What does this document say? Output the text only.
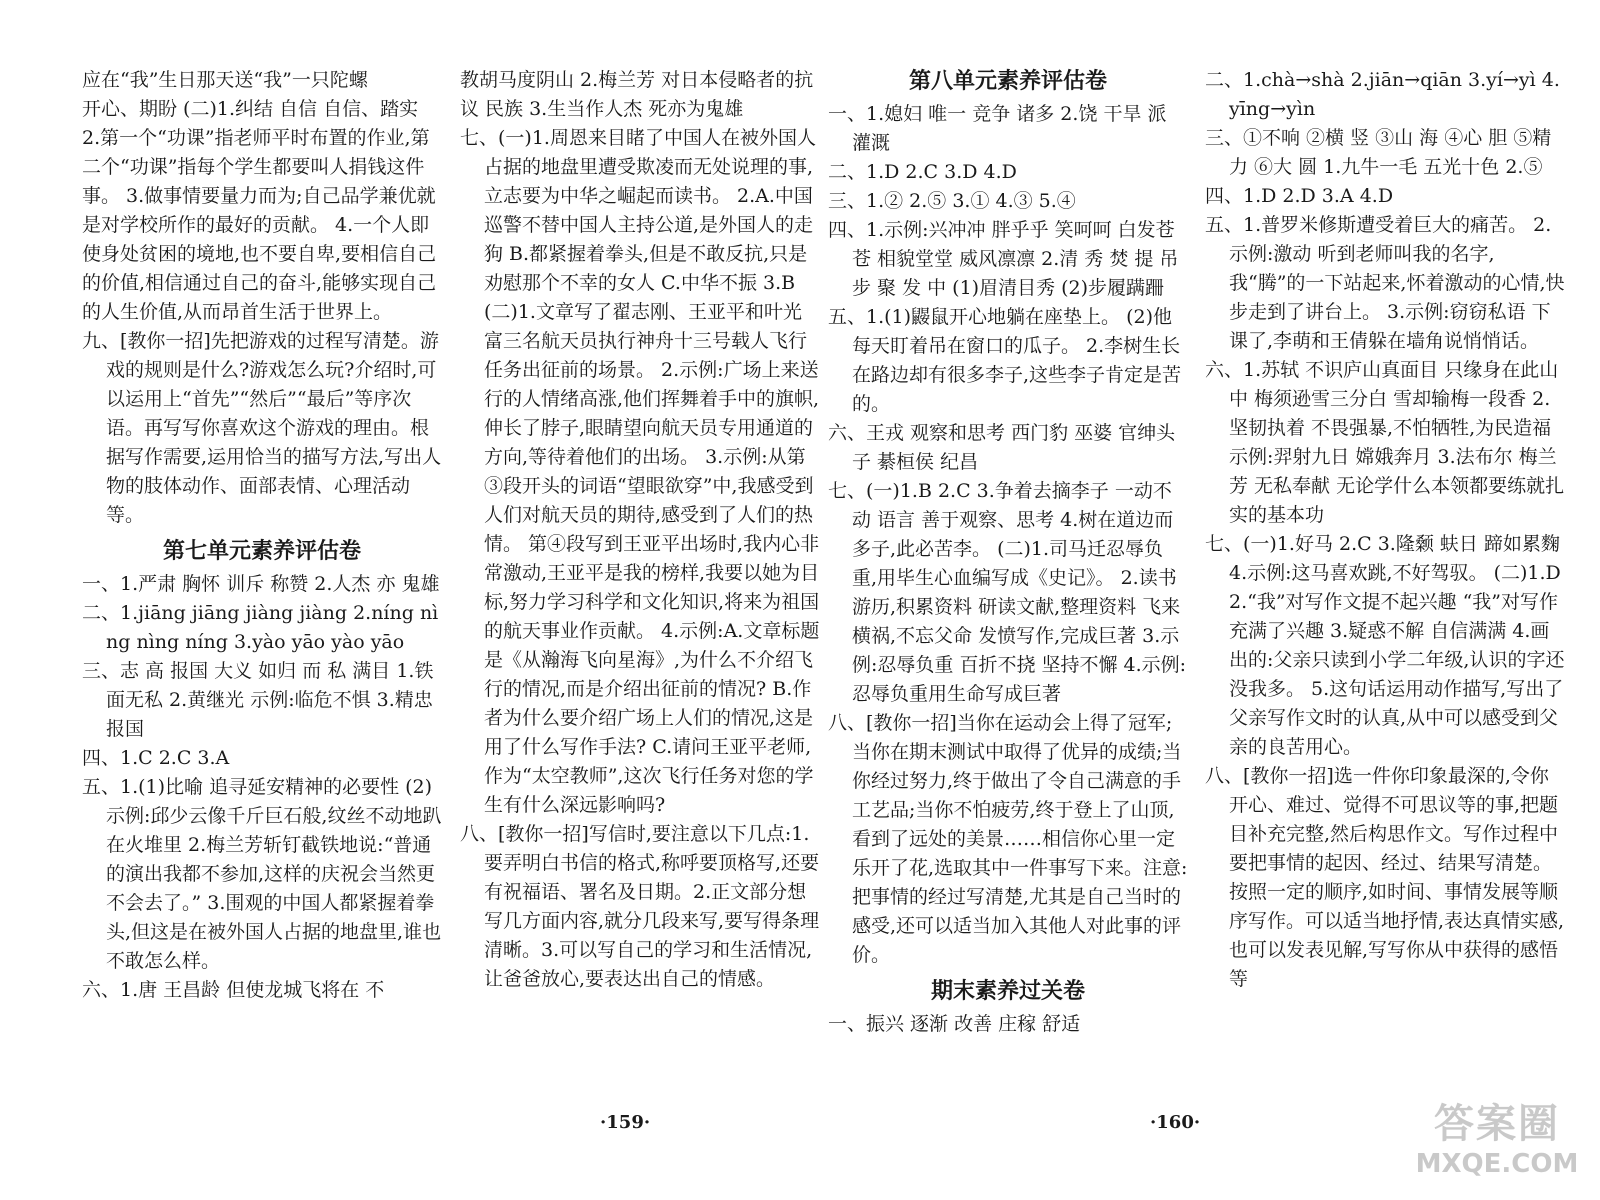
应在“我”生日那天送“我”一只陀螺

开心、期盼 (二)1.纠结 自信 自信、踏实 2.第一个“功课”指老师平时布置的作业,第二个“功课”指每个学生都要叫人捐钱这件事。 3.做事情要量力而为;自己品学兼优就是对学校所作的最好的贡献。 4.一个人即使身处贫困的境地,也不要自卑,要相信自己的价值,相信通过自己的奋斗,能够实现自己的人生价值,从而昂首生活于世界上。

九、[教你一招]先把游戏的过程写清楚。游戏的规则是什么?游戏怎么玩?介绍时,可以运用上“首先”“然后”“最后”等序次语。再写写你喜欢这个游戏的理由。根据写作需要,运用恰当的描写方法,写出人物的肢体动作、面部表情、心理活动等。

第七单元素养评估卷

一、1.严肃 胸怀 训斥 称赞 2.人杰 亦 鬼雄

二、1.jiāng jiāng jiàng jiàng 2.níng nìng nìng níng 3.yào yāo yào yāo

三、志 高 报国 大义 如归 而 私 满目 1.铁面无私 2.黄继光 示例:临危不惧 3.精忠报国

四、1.C 2.C 3.A

五、1.(1)比喻 追寻延安精神的必要性 (2)示例:邱少云像千斤巨石般,纹丝不动地趴在火堆里 2.梅兰芳斩钉截铁地说:“普通的演出我都不参加,这样的庆祝会当然更不会去了。” 3.围观的中国人都紧握着拳头,但这是在被外国人占据的地盘里,谁也不敢怎么样。

六、1.唐 王昌龄 但使龙城飞将在 不

教胡马度阴山 2.梅兰芳 对日本侵略者的抗议 民族 3.生当作人杰 死亦为鬼雄

七、(一)1.周恩来目睹了中国人在被外国人占据的地盘里遭受欺凌而无处说理的事,立志要为中华之崛起而读书。 2.A.中国巡警不替中国人主持公道,是外国人的走狗 B.都紧握着拳头,但是不敢反抗,只是劝慰那个不幸的女人 C.中华不振 3.B (二)1.文章写了翟志刚、王亚平和叶光富三名航天员执行神舟十三号载人飞行任务出征前的场景。 2.示例:广场上来送行的人情绪高涨,他们挥舞着手中的旗帜,伸长了脖子,眼睛望向航天员专用通道的方向,等待着他们的出场。 3.示例:从第③段开头的词语“望眼欲穿”中,我感受到人们对航天员的期待,感受到了人们的热情。 第④段写到王亚平出场时,我内心非常激动,王亚平是我的榜样,我要以她为目标,努力学习科学和文化知识,将来为祖国的航天事业作贡献。 4.示例:A.文章标题是《从瀚海飞向星海》,为什么不介绍飞行的情况,而是介绍出征前的情况? B.作者为什么要介绍广场上人们的情况,这是用了什么写作手法? C.请问王亚平老师,作为“太空教师”,这次飞行任务对您的学生有什么深远影响吗?

八、[教你一招]写信时,要注意以下几点:1.要弄明白书信的格式,称呼要顶格写,还要有祝福语、署名及日期。2.正文部分想写几方面内容,就分几段来写,要写得条理清晰。3.可以写自己的学习和生活情况,让爸爸放心,要表达出自己的情感。

第八单元素养评估卷

一、1.媳妇 唯一 竞争 诸多 2.饶 干旱 派 灌溉

二、1.D 2.C 3.D 4.D

三、1.② 2.⑤ 3.① 4.③ 5.④

四、1.示例:兴冲冲 胖乎乎 笑呵呵 白发苍苍 相貌堂堂 威风凛凛 2.清 秀 焚 提 吊 步 聚 发 中 (1)眉清目秀 (2)步履蹒跚

五、1.(1)鼹鼠开心地躺在座垫上。 (2)他每天盯着吊在窗口的瓜子。 2.李树生长在路边却有很多李子,这些李子肯定是苦的。

六、王戎 观察和思考 西门豹 巫婆 官绅头子 綦桓侯 纪昌

七、(一)1.B 2.C 3.争着去摘李子 一动不动 语言 善于观察、思考 4.树在道边而多子,此必苦李。 (二)1.司马迁忍辱负重,用毕生心血编写成《史记》。 2.读书游历,积累资料 研读文献,整理资料 飞来横祸,不忘父命 发愤写作,完成巨著 3.示例:忍辱负重 百折不挠 坚持不懈 4.示例:忍辱负重用生命写成巨著

八、[教你一招]当你在运动会上得了冠军;当你在期末测试中取得了优异的成绩;当你经过努力,终于做出了令自己满意的手工艺品;当你不怕疲劳,终于登上了山顶,看到了远处的美景……相信你心里一定乐开了花,选取其中一件事写下来。注意:把事情的经过写清楚,尤其是自己当时的感受,还可以适当加入其他人对此事的评价。

期末素养过关卷

一、振兴 逐渐 改善 庄稼 舒适

二、1.chà→shà 2.jiān→qiān 3.yí→yì 4.yīng→yìn

三、①不响 ②横 竖 ③山 海 ④心 胆 ⑤精 力 ⑥大 圆 1.九牛一毛 五光十色 2.⑤

四、1.D 2.D 3.A 4.D

五、1.普罗米修斯遭受着巨大的痛苦。 2.示例:激动 听到老师叫我的名字,我“腾”的一下站起来,怀着激动的心情,快步走到了讲台上。 3.示例:窃窃私语 下课了,李萌和王倩躲在墙角说悄悄话。

六、1.苏轼 不识庐山真面目 只缘身在此山中 梅须逊雪三分白 雪却输梅一段香 2.坚韧执着 不畏强暴,不怕牺牲,为民造福 示例:羿射九日 嫦娥奔月 3.法布尔 梅兰芳 无私奉献 无论学什么本领都要练就扎实的基本功

七、(一)1.好马 2.C 3.隆颡 蚨日 蹄如累麴 4.示例:这马喜欢跳,不好驾驭。 (二)1.D 2.“我”对写作文提不起兴趣 “我”对写作充满了兴趣 3.疑惑不解 自信满满 4.画出的:父亲只读到小学二年级,认识的字还没我多。 5.这句话运用动作描写,写出了父亲写作文时的认真,从中可以感受到父亲的良苦用心。

八、[教你一招]选一件你印象最深的,令你开心、难过、觉得不可思议等的事,把题目补充完整,然后构思作文。写作过程中要把事情的起因、经过、结果写清楚。按照一定的顺序,如时间、事情发展等顺序写作。可以适当地抒情,表达真情实感,也可以发表见解,写写你从中获得的感悟等

·159·	·160·	答案圈
MXQE.COM
